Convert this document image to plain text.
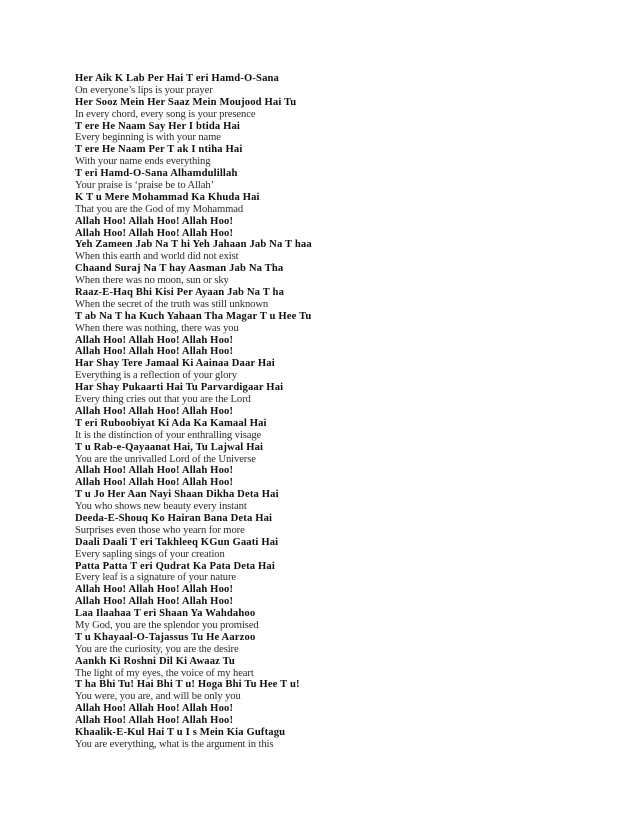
Her Aik K Lab Per Hai T eri Hamd-O-Sana
On everyone’s lips is your prayer
Her Sooz Mein Her Saaz Mein Moujood Hai Tu
In every chord, every song is your presence
T ere He Naam Say Her I btida Hai
Every beginning is with your name
T ere He Naam Per T ak I ntiha Hai
With your name ends everything
T eri Hamd-O-Sana Alhamdulillah
Your praise is ‘praise be to Allah’
K T u Mere Mohammad Ka Khuda Hai
That you are the God of my Mohammad
Allah Hoo! Allah Hoo! Allah Hoo!
Allah Hoo! Allah Hoo! Allah Hoo!
Yeh Zameen Jab Na T hi Yeh Jahaan Jab Na T haa
When this earth and world did not exist
Chaand Suraj Na T hay Aasman Jab Na Tha
When there was no moon, sun or sky
Raaz-E-Haq Bhi Kisi Per Ayaan Jab Na T ha
When the secret of the truth was still unknown
T ab Na T ha Kuch Yahaan Tha Magar T u Hee Tu
When there was nothing, there was you
Allah Hoo! Allah Hoo! Allah Hoo!
Allah Hoo! Allah Hoo! Allah Hoo!
Har Shay Tere Jamaal Ki Aainaa Daar Hai
Everything is a reflection of your glory
Har Shay Pukaarti Hai Tu Parvardigaar Hai
Every thing cries out that you are the Lord
Allah Hoo! Allah Hoo! Allah Hoo!
T eri Ruboobiyat Ki Ada Ka Kamaal Hai
It is the distinction of your enthralling visage
T u Rab-e-Qayaanat Hai, Tu Lajwal Hai
You are the unrivalled Lord of the Universe
Allah Hoo! Allah Hoo! Allah Hoo!
Allah Hoo! Allah Hoo! Allah Hoo!
T u Jo Her Aan Nayi Shaan Dikha Deta Hai
You who shows new beauty every instant
Deeda-E-Shouq Ko Hairan Bana Deta Hai
Surprises even those who yearn for more
Daali Daali T eri Takhleeq KGun Gaati Hai
Every sapling sings of your creation
Patta Patta T eri Qudrat Ka Pata Deta Hai
Every leaf is a signature of your nature
Allah Hoo! Allah Hoo! Allah Hoo!
Allah Hoo! Allah Hoo! Allah Hoo!
Laa Ilaahaa T eri Shaan Ya Wahdahoo
My God, you are the splendor you promised
T u Khayaal-O-Tajassus Tu He Aarzoo
You are the curiosity, you are the desire
Aankh Ki Roshni Dil Ki Awaaz Tu
The light of my eyes, the voice of my heart
T ha Bhi Tu! Hai Bhi T u! Hoga Bhi Tu Hee T u!
You were, you are, and will be only you
Allah Hoo! Allah Hoo! Allah Hoo!
Allah Hoo! Allah Hoo! Allah Hoo!
Khaalik-E-Kul Hai T u I s Mein Kia Guftagu
You are everything, what is the argument in this
